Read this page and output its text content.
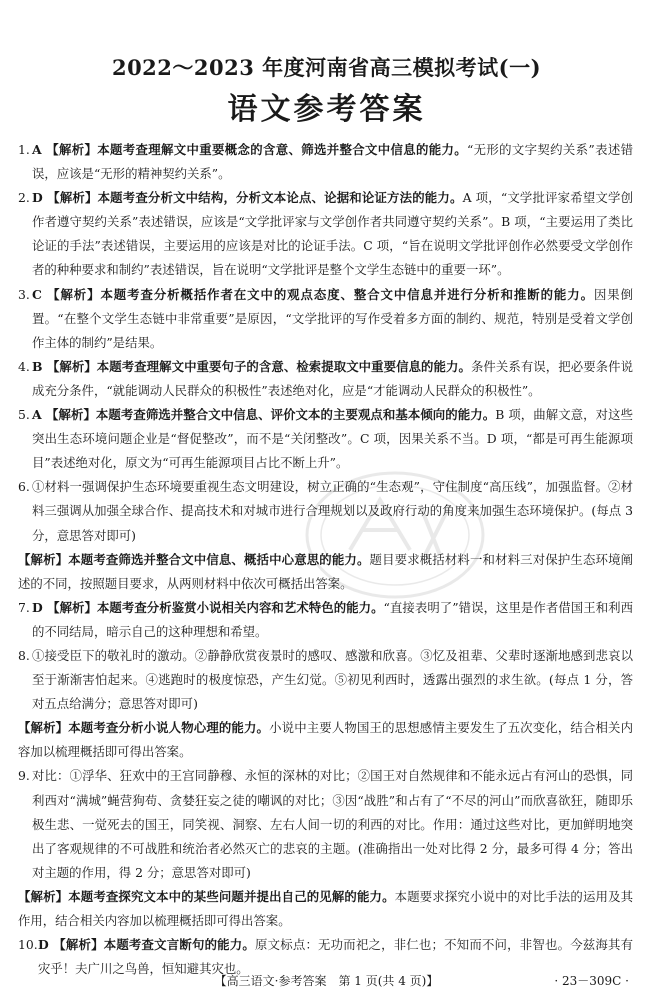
2022～2023 年度河南省高三模拟考试(一)
语文参考答案
1. A 【解析】本题考查理解文中重要概念的含意、筛选并整合文中信息的能力。“无形的文字契约关系”表述错误，应该是“无形的精神契约关系”。
2. D 【解析】本题考查分析文中结构，分析文本论点、论据和论证方法的能力。A 项，“文学批评家希望文学创作者遵守契约关系”表述错误，应该是“文学批评家与文学创作者共同遵守契约关系”。B 项，“主要运用了类比论证的手法”表述错误，主要运用的应该是对比的论证手法。C 项，“旨在说明文学批评创作必然要受文学创作者的种种要求和制约”表述错误，旨在说明“文学批评是整个文学生态链中的重要一环”。
3. C 【解析】本题考查分析概括作者在文中的观点态度、整合文中信息并进行分析和推断的能力。因果倒置。“在整个文学生态链中非常重要”是原因，“文学批评的写作受着多方面的制约、规范，特别是受着文学创作主体的制约”是结果。
4. B 【解析】本题考查理解文中重要句子的含意、检索提取文中重要信息的能力。条件关系有误，把必要条件说成充分条件，“就能调动人民群众的积极性”表述绝对化，应是“才能调动人民群众的积极性”。
5. A 【解析】本题考查筛选并整合文中信息、评价文本的主要观点和基本倾向的能力。B 项，曲解文意，对这些突出生态环境问题企业是“督促整改”，而不是“关闭整改”。C 项，因果关系不当。D 项，“都是可再生能源项目”表述绝对化，原文为“可再生能源项目占比不断上升”。
6. ①材料一强调保护生态环境要重视生态文明建设，树立正确的“生态观”，守住制度“高压线”，加强监督。②材料三强调从加强全球合作、提高技术和对城市进行合理规划以及政府行动的角度来加强生态环境保护。(每点 3 分，意思答对即可)
【解析】本题考查筛选并整合文中信息、概括中心意思的能力。题目要求概括材料一和材料三对保护生态环境阐述的不同，按照题目要求，从两则材料中依次可概括出答案。
7. D 【解析】本题考查分析鉴赏小说相关内容和艺术特色的能力。“直接表明了”错误，这里是作者借国王和利西的不同结局，暗示自己的这种理想和希望。
8. ①接受臣下的敬礼时的激动。②静静欣赏夜景时的感叹、感激和欣喜。③忆及祖辈、父辈时逐渐地感到悲哀以至于渐渐害怕起来。④逃跑时的极度惊恐，产生幻觉。⑤初见利西时，透露出强烈的求生欲。(每点 1 分，答对五点给满分；意思答对即可)
【解析】本题考查分析小说人物心理的能力。小说中主要人物国王的思想感情主要发生了五次变化，结合相关内容加以梳理概括即可得出答案。
9. 对比：①浮华、狂欢中的王宫同静穆、永恒的深林的对比；②国王对自然规律和不能永远占有河山的恐惧，同利西对“满城”蝇营狗苟、贪婪狂妄之徒的嘲讽的对比；③因“战胜”和占有了“不尽的河山”而欣喜欲狂，随即乐极生悲、一觉死去的国王，同笑视、洞察、左右人间一切的利西的对比。作用：通过这些对比，更加鲜明地突出了客观规律的不可战胜和统治者必然灭亡的悲哀的主题。(准确指出一处对比得 2 分，最多可得 4 分；答出对主题的作用，得 2 分；意思答对即可)
【解析】本题考查探究文本中的某些问题并提出自己的见解的能力。本题要求探究小说中的对比手法的运用及其作用，结合相关内容加以梳理概括即可得出答案。
10. D 【解析】本题考查文言断句的能力。原文标点：无功而祀之，非仁也；不知而不问，非智也。今兹海其有灾乎！夫广川之鸟兽，恒知避其灾也。
【高三语文·参考答案　第 1 页(共 4 页)】	· 23－309C ·
